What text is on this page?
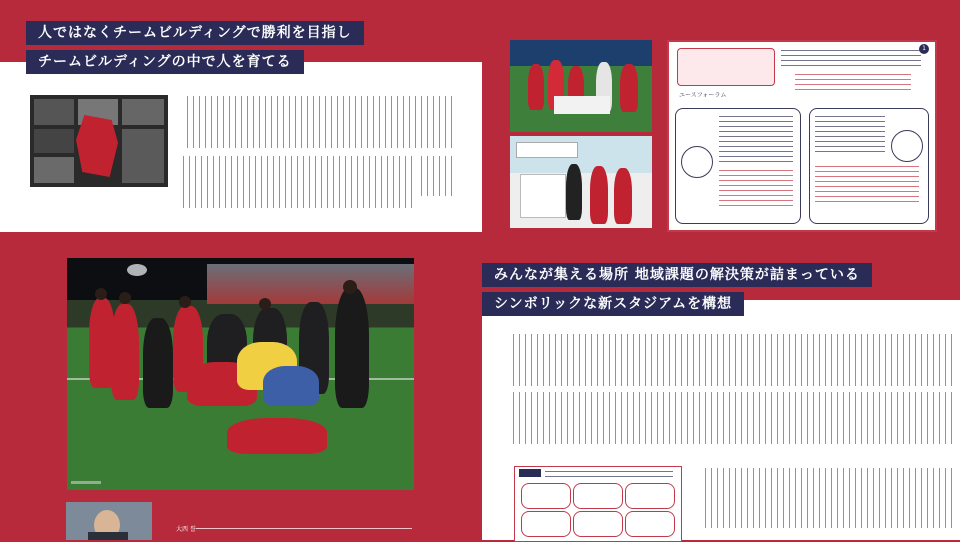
人ではなくチームビルディングで勝利を目指し
チームビルディングの中で人を育てる
ユースフォーラム
1
大西 誉
みんなが集える場所 地域課題の解決策が詰まっている
シンボリックな新スタジアムを構想
